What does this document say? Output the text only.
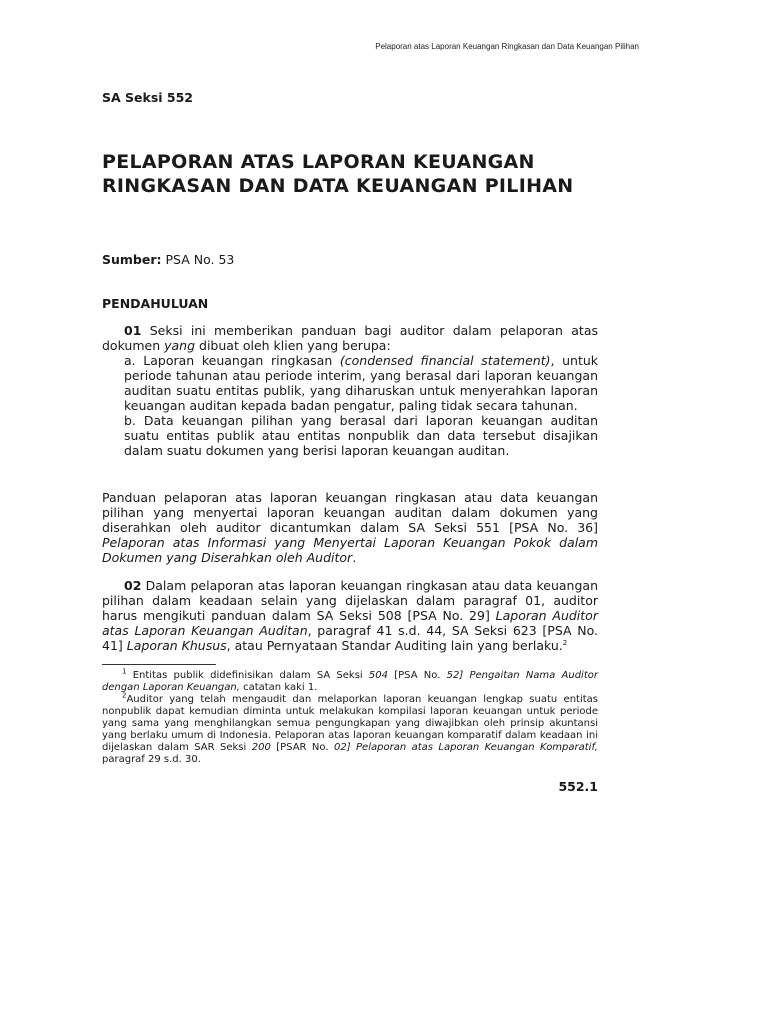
Pelaporan atas Laporan Keuangan Ringkasan dan Data Keuangan Pilihan
SA Seksi 552
PELAPORAN ATAS LAPORAN KEUANGAN
RINGKASAN DAN DATA KEUANGAN PILIHAN
Sumber: PSA No. 53
PENDAHULUAN
01 Seksi ini memberikan panduan bagi auditor dalam pelaporan atas dokumen yang dibuat oleh klien yang berupa:
a. Laporan keuangan ringkasan (condensed financial statement), untuk periode tahunan atau periode interim, yang berasal dari laporan keuangan auditan suatu entitas publik, yang diharuskan untuk menyerahkan laporan keuangan auditan kepada badan pengatur, paling tidak secara tahunan.
b. Data keuangan pilihan yang berasal dari laporan keuangan auditan suatu entitas publik atau entitas nonpublik dan data tersebut disajikan dalam suatu dokumen yang berisi laporan keuangan auditan.
Panduan pelaporan atas laporan keuangan ringkasan atau data keuangan pilihan yang menyertai laporan keuangan auditan dalam dokumen yang diserahkan oleh auditor dicantumkan dalam SA Seksi 551 [PSA No. 36] Pelaporan atas Informasi yang Menyertai Laporan Keuangan Pokok dalam Dokumen yang Diserahkan oleh Auditor.
02 Dalam pelaporan atas laporan keuangan ringkasan atau data keuangan pilihan dalam keadaan selain yang dijelaskan dalam paragraf 01, auditor harus mengikuti panduan dalam SA Seksi 508 [PSA No. 29] Laporan Auditor atas Laporan Keuangan Auditan, paragraf 41 s.d. 44, SA Seksi 623 [PSA No. 41] Laporan Khusus, atau Pernyataan Standar Auditing lain yang berlaku.$^2$
$^1$ Entitas publik didefinisikan dalam SA Seksi 504 [PSA No. 52] Pengaitan Nama Auditor dengan Laporan Keuangan, catatan kaki 1.
$^2$Auditor yang telah mengaudit dan melaporkan laporan keuangan lengkap suatu entitas nonpublik dapat kemudian diminta untuk melakukan kompilasi laporan keuangan untuk periode yang sama yang menghilangkan semua pengungkapan yang diwajibkan oleh prinsip akuntansi yang berlaku umum di Indonesia. Pelaporan atas laporan keuangan komparatif dalam keadaan ini dijelaskan dalam SAR Seksi 200 [PSAR No. 02] Pelaporan atas Laporan Keuangan Komparatif, paragraf 29 s.d. 30.
552.1
